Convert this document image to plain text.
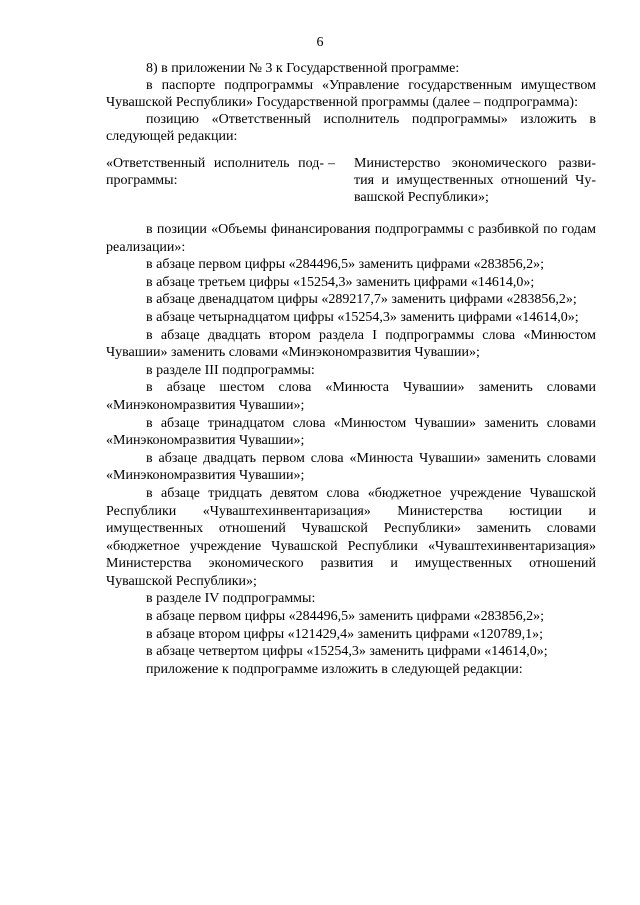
6

8) в приложении № 3 к Государственной программе:

в паспорте подпрограммы «Управление государственным имуществом Чувашской Республики» Государственной программы (далее – подпрограмма):

позицию «Ответственный исполнитель подпрограммы» изложить в следующей редакции:

«Ответственный исполнитель под-
программы:
–	Министерство экономического разви-
тия и имущественных отношений Чу-
вашской Республики»;

в позиции «Объемы финансирования подпрограммы с разбивкой по годам реализации»:

в абзаце первом цифры «284496,5» заменить цифрами «283856,2»;

в абзаце третьем цифры «15254,3» заменить цифрами «14614,0»;

в абзаце двенадцатом цифры «289217,7» заменить цифрами «283856,2»;

в абзаце четырнадцатом цифры «15254,3» заменить цифрами «14614,0»;

в абзаце двадцать втором раздела I подпрограммы слова «Минюстом Чувашии» заменить словами «Минэкономразвития Чувашии»;

в разделе III подпрограммы:

в абзаце шестом слова «Минюста Чувашии» заменить словами «Минэкономразвития Чувашии»;

в абзаце тринадцатом слова «Минюстом Чувашии» заменить словами «Минэкономразвития Чувашии»;

в абзаце двадцать первом слова «Минюста Чувашии» заменить словами «Минэкономразвития Чувашии»;

в абзаце тридцать девятом слова «бюджетное учреждение Чувашской Республики «Чуваштехинвентаризация» Министерства юстиции и имущественных отношений Чувашской Республики» заменить словами «бюджетное учреждение Чувашской Республики «Чуваштехинвентаризация» Министерства экономического развития и имущественных отношений Чувашской Республики»;

в разделе IV подпрограммы:

в абзаце первом цифры «284496,5» заменить цифрами «283856,2»;

в абзаце втором цифры «121429,4» заменить цифрами «120789,1»;

в абзаце четвертом цифры «15254,3» заменить цифрами «14614,0»;

приложение к подпрограмме изложить в следующей редакции:
